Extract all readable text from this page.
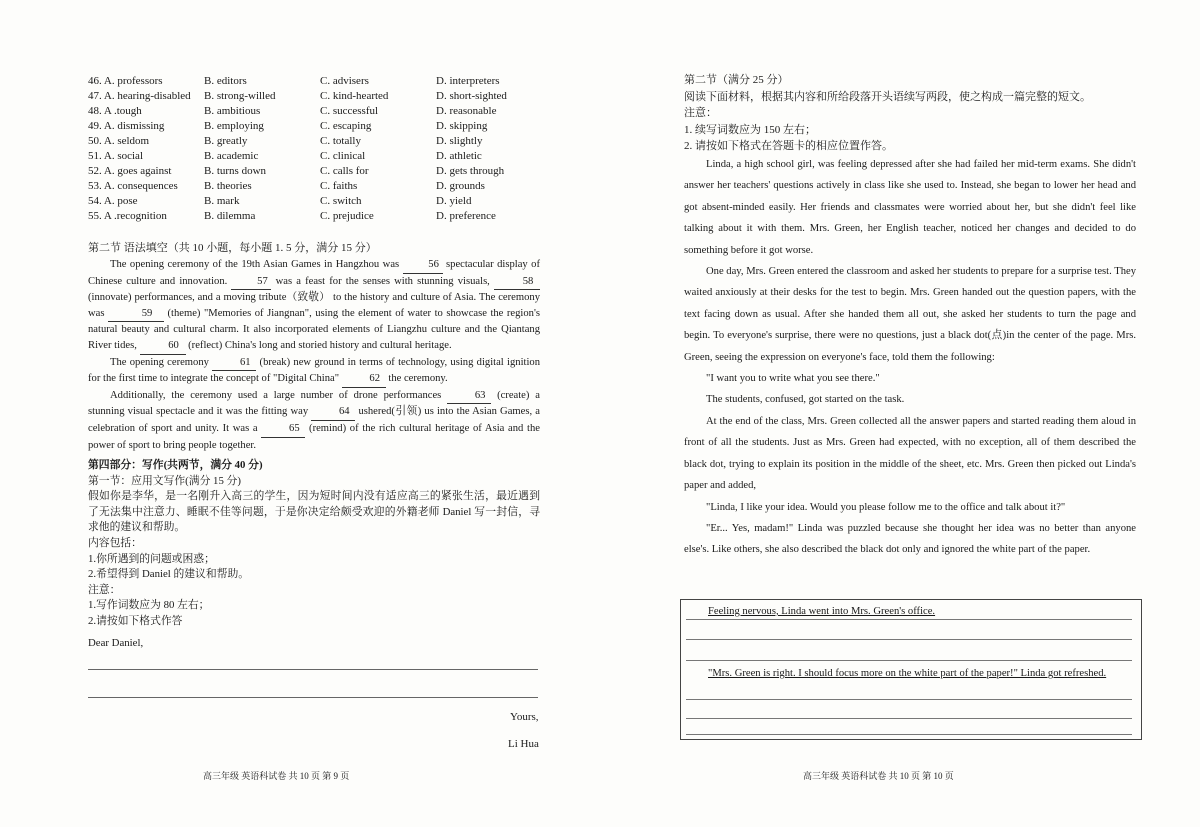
46. A. professors	B. editors	C. advisers	D. interpreters
47. A. hearing-disabled	B. strong-willed	C. kind-hearted	D. short-sighted
48. A .tough	B. ambitious	C. successful	D. reasonable
49. A. dismissing	B. employing	C. escaping	D. skipping
50. A. seldom	B. greatly	C. totally	D. slightly
51. A. social	B. academic	C. clinical	D. athletic
52. A. goes against	B. turns down	C. calls for	D. gets through
53. A. consequences	B. theories	C. faiths	D. grounds
54. A. pose	B. mark	C. switch	D. yield
55. A .recognition	B. dilemma	C. prejudice	D. preference
第二节 语法填空（共 10 小题，每小题 1. 5 分，满分 15 分）

The opening ceremony of the 19th Asian Games in Hangzhou was	56 spectacular display of Chinese culture and innovation.	57 was a feast for the senses with stunning visuals,	58 (innovate) performances, and a moving tribute（致敬） to the history and culture of Asia. The ceremony was	59 (theme) "Memories of Jiangnan", using the element of water to showcase the region's natural beauty and cultural charm. It also incorporated elements of Liangzhu culture and the Qiantang River tides,	60 (reflect) China's long and storied history and cultural heritage.

The opening ceremony	61 (break) new ground in terms of technology, using digital ignition for the first time to integrate the concept of "Digital China"	62 the ceremony.

Additionally, the ceremony used a large number of drone performances	63 (create) a stunning visual spectacle and it was the fitting way	64 ushered(引领) us into the Asian Games, a celebration of sport and unity. It was a	65 (remind) of the rich cultural heritage of Asia and the power of sport to bring people together.

第四部分：写作(共两节，满分 40 分)

第一节：应用文写作(满分 15 分)

假如你是李华，是一名刚升入高三的学生，因为短时间内没有适应高三的紧张生活，最近遇到了无法集中注意力、睡眠不佳等问题，于是你决定给颇受欢迎的外籍老师 Daniel 写一封信，寻求他的建议和帮助。

内容包括：

1.你所遇到的问题或困惑；

2.希望得到 Daniel 的建议和帮助。

注意：

1.写作词数应为 80 左右；

2.请按如下格式作答

Dear Daniel,

Yours,
Li Hua
高三年级 英语科试卷 共 10 页 第 9 页
第二节（满分 25 分）
阅读下面材料，根据其内容和所给段落开头语续写两段，使之构成一篇完整的短文。
注意：
1. 续写词数应为 150 左右；
2. 请按如下格式在答题卡的相应位置作答。

Linda, a high school girl, was feeling depressed after she had failed her mid-term exams. She didn't answer her teachers' questions actively in class like she used to. Instead, she began to lower her head and got absent-minded easily. Her friends and classmates were worried about her, but she didn't feel like talking about it with them. Mrs. Green, her English teacher, noticed her changes and decided to do something before it got worse.

One day, Mrs. Green entered the classroom and asked her students to prepare for a surprise test. They waited anxiously at their desks for the test to begin. Mrs. Green handed out the question papers, with the text facing down as usual. After she handed them all out, she asked her students to turn the page and begin. To everyone's surprise, there were no questions, just a black dot(点)in the center of the page. Mrs. Green, seeing the expression on everyone's face, told them the following:

"I want you to write what you see there."

The students, confused, got started on the task.

At the end of the class, Mrs. Green collected all the answer papers and started reading them aloud in front of all the students. Just as Mrs. Green had expected, with no exception, all of them described the black dot, trying to explain its position in the middle of the sheet, etc. Mrs. Green then picked out Linda's paper and added,

"Linda, I like your idea. Would you please follow me to the office and talk about it?"

"Er... Yes, madam!" Linda was puzzled because she thought her idea was no better than anyone else's. Like others, she also described the black dot only and ignored the white part of the paper.

Feeling nervous, Linda went into Mrs. Green's office.
"Mrs. Green is right. I should focus more on the white part of the paper!" Linda got refreshed.
高三年级 英语科试卷 共 10 页 第 10 页
